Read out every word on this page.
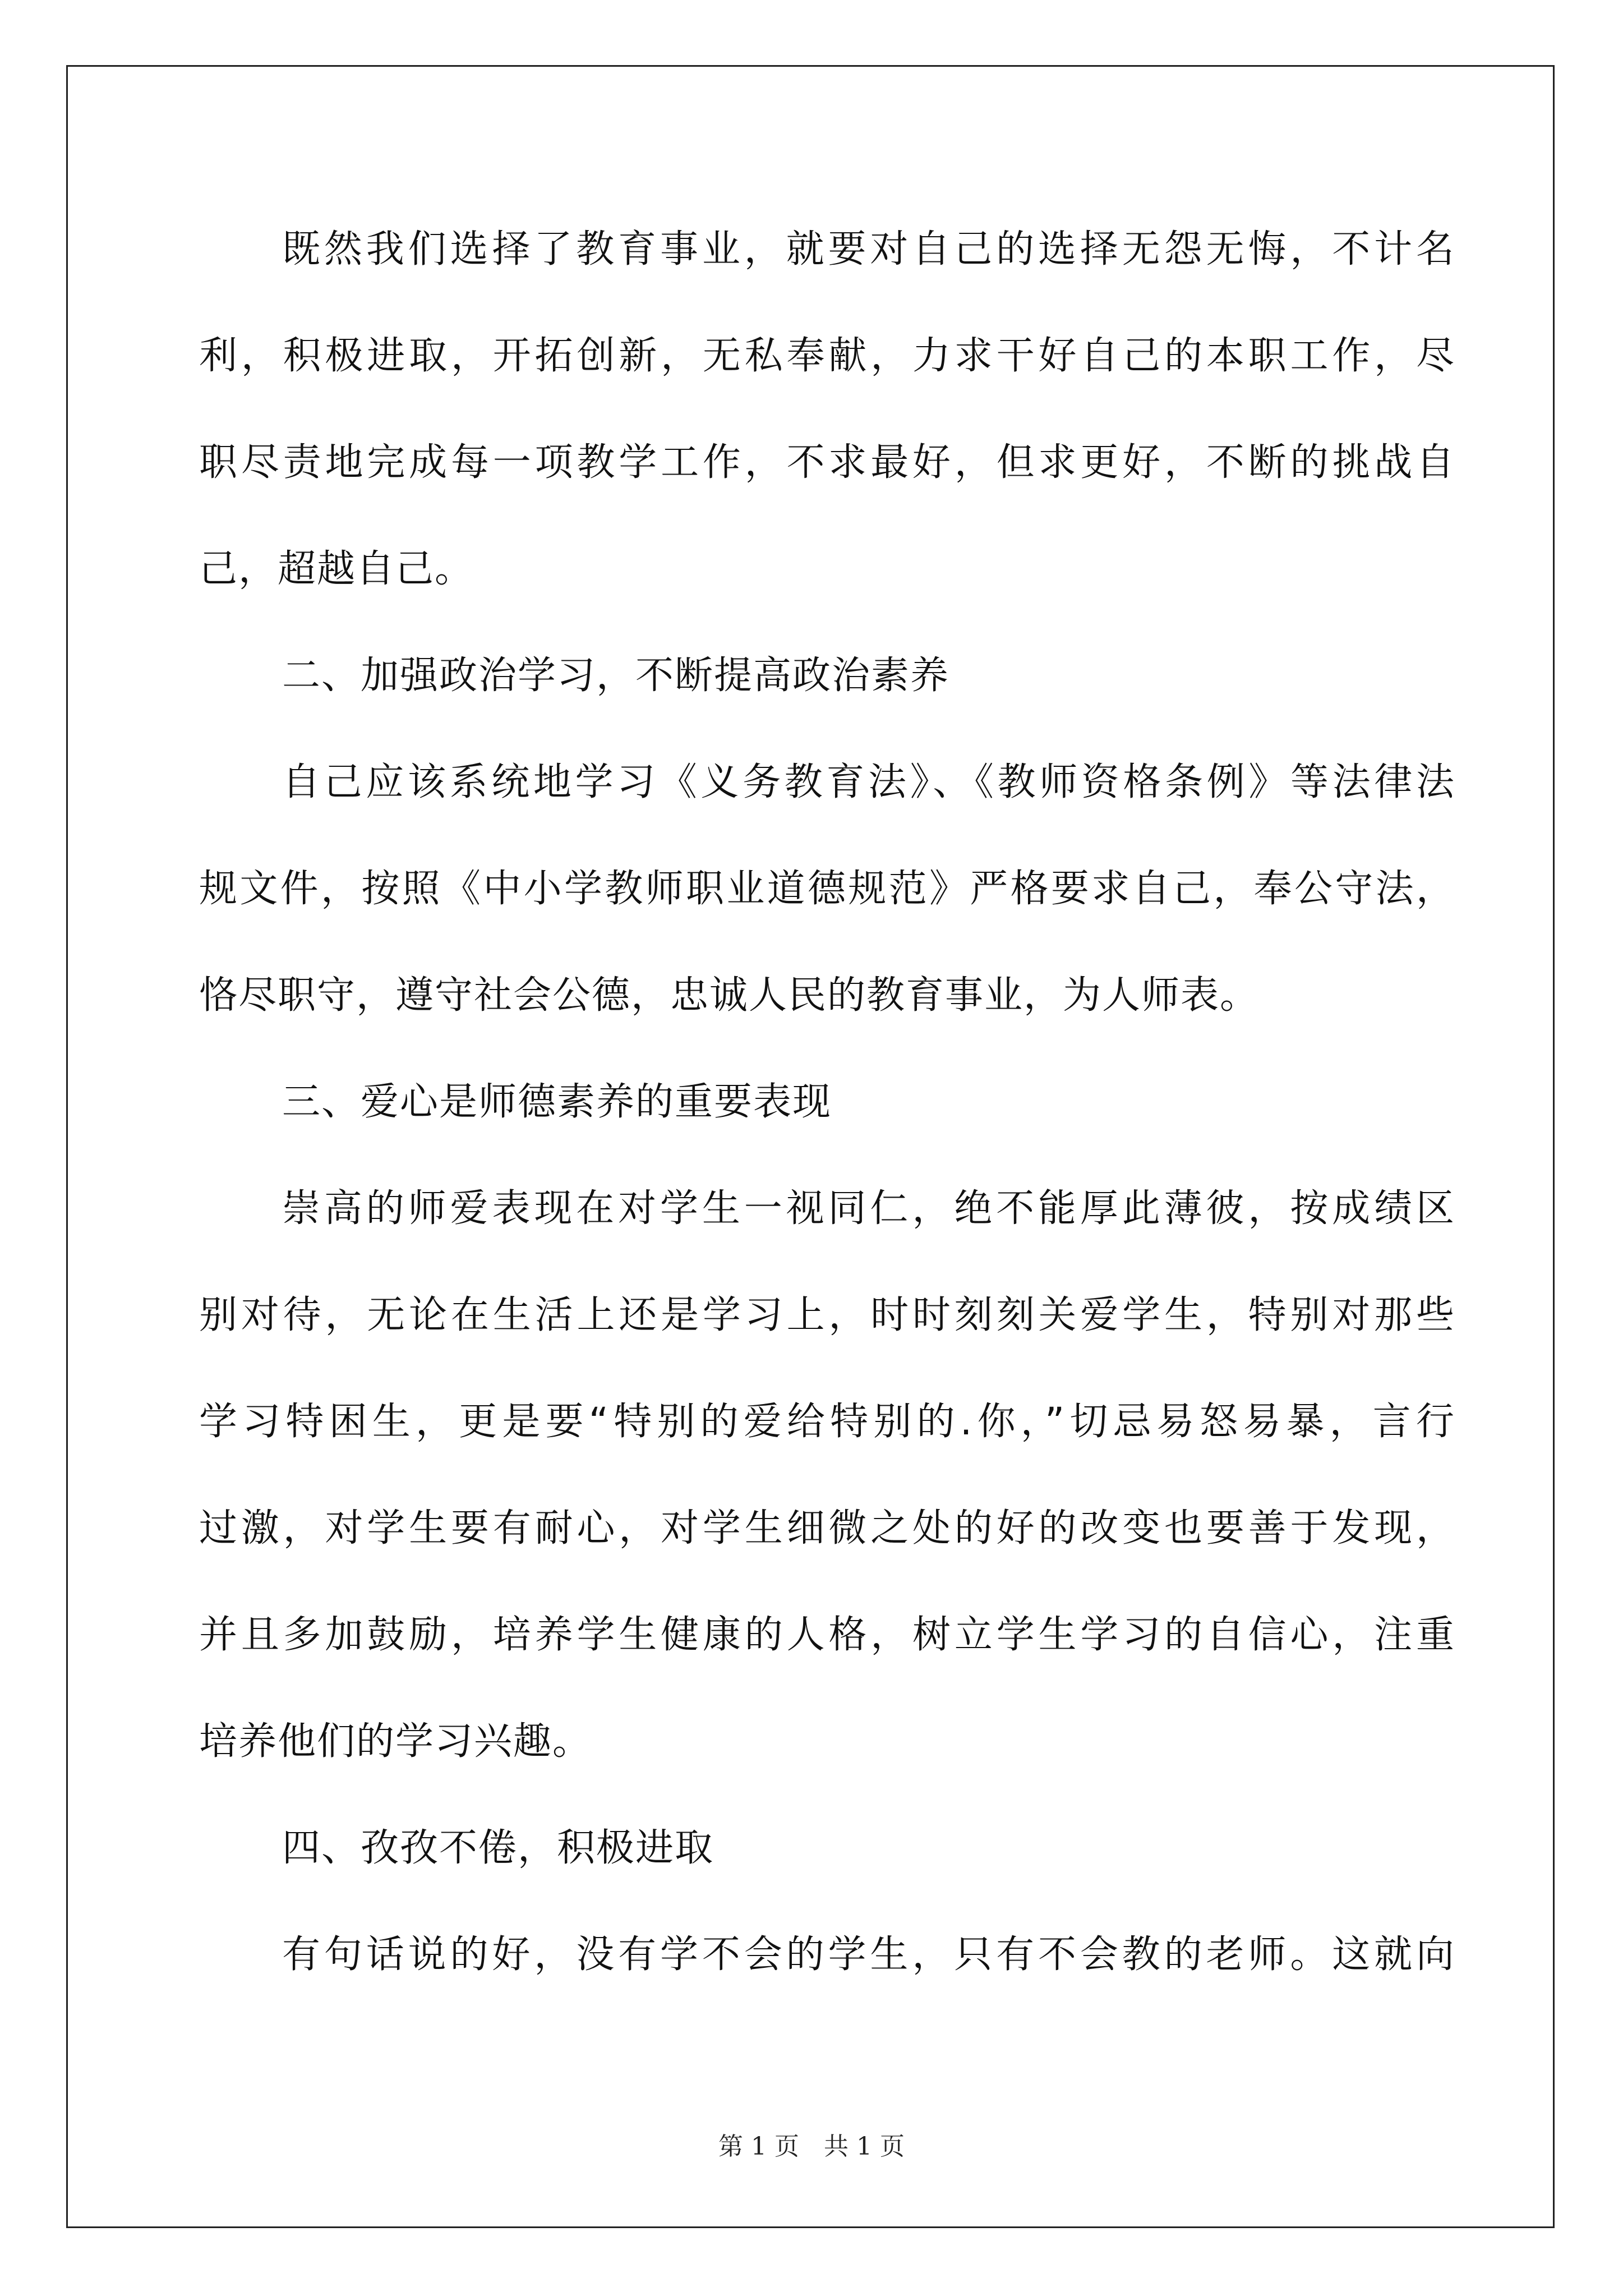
既然我们选择了教育事业，就要对自己的选择无怨无悔，不计名
利，积极进取，开拓创新，无私奉献，力求干好自己的本职工作，尽
职尽责地完成每一项教学工作，不求最好，但求更好，不断的挑战自
己，超越自己。
二、加强政治学习，不断提高政治素养
自己应该系统地学习《义务教育法》、《教师资格条例》等法律法
规文件，按照《中小学教师职业道德规范》严格要求自己，奉公守法，
恪尽职守，遵守社会公德，忠诚人民的教育事业，为人师表。
三、爱心是师德素养的重要表现
崇高的师爱表现在对学生一视同仁，绝不能厚此薄彼，按成绩区
别对待，无论在生活上还是学习上，时时刻刻关爱学生，特别对那些
学习特困生，更是要“特别的爱给特别的.你，”切忌易怒易暴，言行
过激，对学生要有耐心，对学生细微之处的好的改变也要善于发现，
并且多加鼓励，培养学生健康的人格，树立学生学习的自信心，注重
培养他们的学习兴趣。
四、孜孜不倦，积极进取
有句话说的好，没有学不会的学生，只有不会教的老师。这就向
第 1 页　共 1 页
